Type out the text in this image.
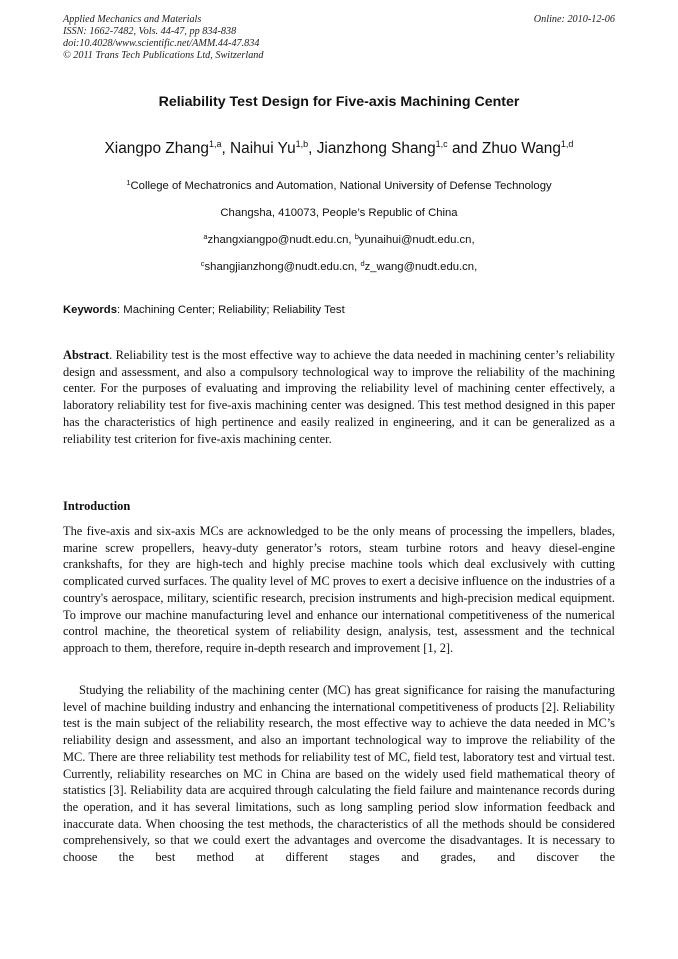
Applied Mechanics and Materials
ISSN: 1662-7482, Vols. 44-47, pp 834-838
doi:10.4028/www.scientific.net/AMM.44-47.834
© 2011 Trans Tech Publications Ltd, Switzerland
Online: 2010-12-06
Reliability Test Design for Five-axis Machining Center
Xiangpo Zhang$^{1,a}$, Naihui Yu$^{1,b}$, Jianzhong Shang$^{1,c}$ and Zhuo Wang$^{1,d}$
$^1$College of Mechatronics and Automation, National University of Defense Technology
Changsha, 410073, People’s Republic of China
$^a$zhangxiangpo@nudt.edu.cn, $^b$yunaihui@nudt.edu.cn,
$^c$shangjianzhong@nudt.edu.cn, $^d$z_wang@nudt.edu.cn,
Keywords: Machining Center; Reliability; Reliability Test
Abstract. Reliability test is the most effective way to achieve the data needed in machining center’s reliability design and assessment, and also a compulsory technological way to improve the reliability of the machining center. For the purposes of evaluating and improving the reliability level of machining center effectively, a laboratory reliability test for five-axis machining center was designed. This test method designed in this paper has the characteristics of high pertinence and easily realized in engineering, and it can be generalized as a reliability test criterion for five-axis machining center.
Introduction
The five-axis and six-axis MCs are acknowledged to be the only means of processing the impellers, blades, marine screw propellers, heavy-duty generator’s rotors, steam turbine rotors and heavy diesel-engine crankshafts, for they are high-tech and highly precise machine tools which deal exclusively with cutting complicated curved surfaces. The quality level of MC proves to exert a decisive influence on the industries of a country's aerospace, military, scientific research, precision instruments and high-precision medical equipment. To improve our machine manufacturing level and enhance our international competitiveness of the numerical control machine, the theoretical system of reliability design, analysis, test, assessment and the technical approach to them, therefore, require in-depth research and improvement [1, 2].
Studying the reliability of the machining center (MC) has great significance for raising the manufacturing level of machine building industry and enhancing the international competitiveness of products [2]. Reliability test is the main subject of the reliability research, the most effective way to achieve the data needed in MC’s reliability design and assessment, and also an important technological way to improve the reliability of the MC. There are three reliability test methods for reliability test of MC, field test, laboratory test and virtual test. Currently, reliability researches on MC in China are based on the widely used field mathematical theory of statistics [3]. Reliability data are acquired through calculating the field failure and maintenance records during the operation, and it has several limitations, such as long sampling period slow information feedback and inaccurate data. When choosing the test methods, the characteristics of all the methods should be considered comprehensively, so that we could exert the advantages and overcome the disadvantages. It is necessary to choose the best method at different stages and grades, and discover the
